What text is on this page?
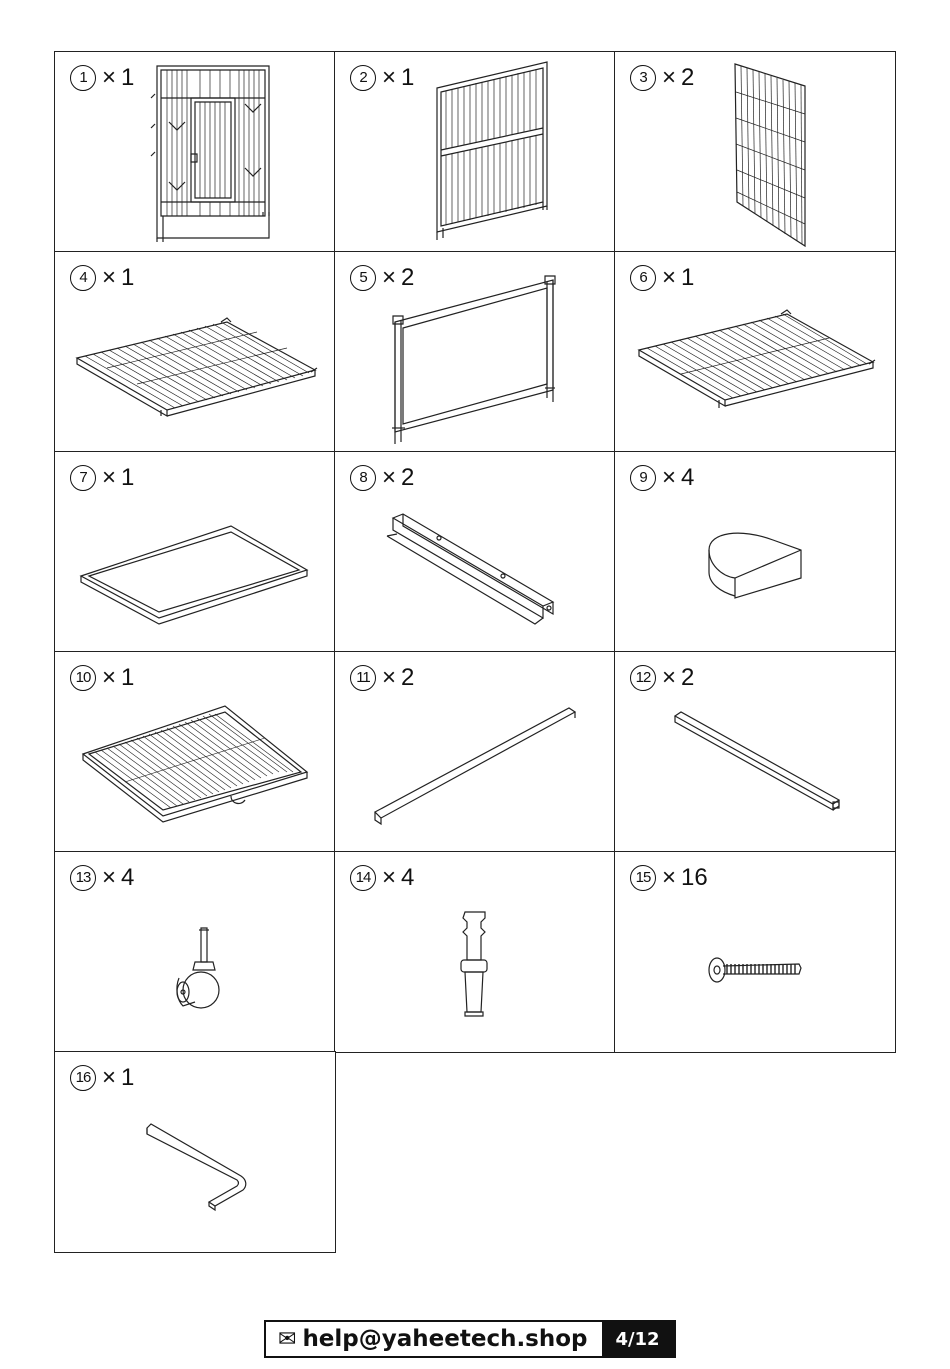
1 × 1	2 × 1	3 × 2
4 × 1	5 × 2	6 × 1
7 × 1	8 × 2	9 × 4
10 × 1	11 × 2	12 × 2
13 × 4	14 × 4	15 × 16
16 × 1
✉ help@yaheetech.shop	4/12
